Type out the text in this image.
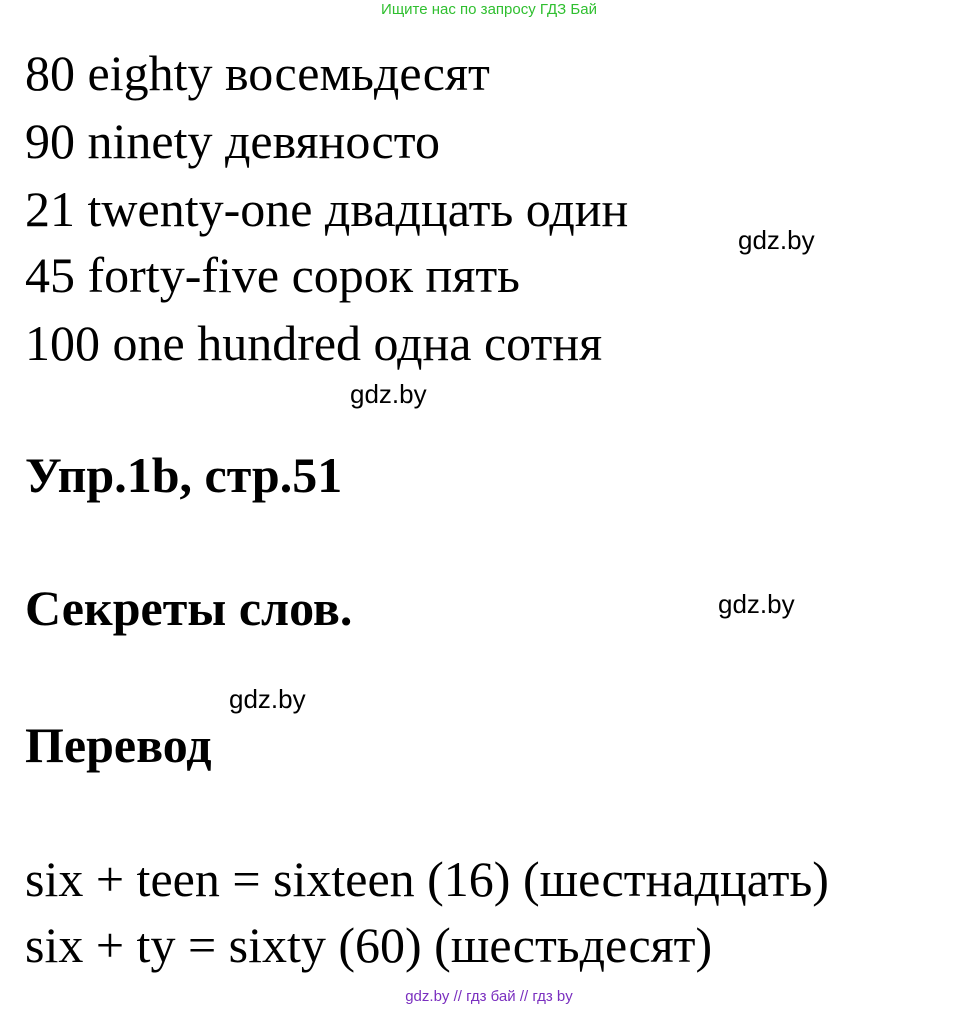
Ищите нас по запросу ГДЗ Бай
80 eighty восемьдесят
90 ninety девяносто
21 twenty-one двадцать один
45 forty-five сорок пять
100 one hundred одна сотня
gdz.by
gdz.by
Упр.1b, стр.51
Секреты слов.	gdz.by
gdz.by
Перевод
six + teen = sixteen (16) (шестнадцать)
six + ty = sixty (60) (шестьдесят)
gdz.by // гдз бай // гдз by
